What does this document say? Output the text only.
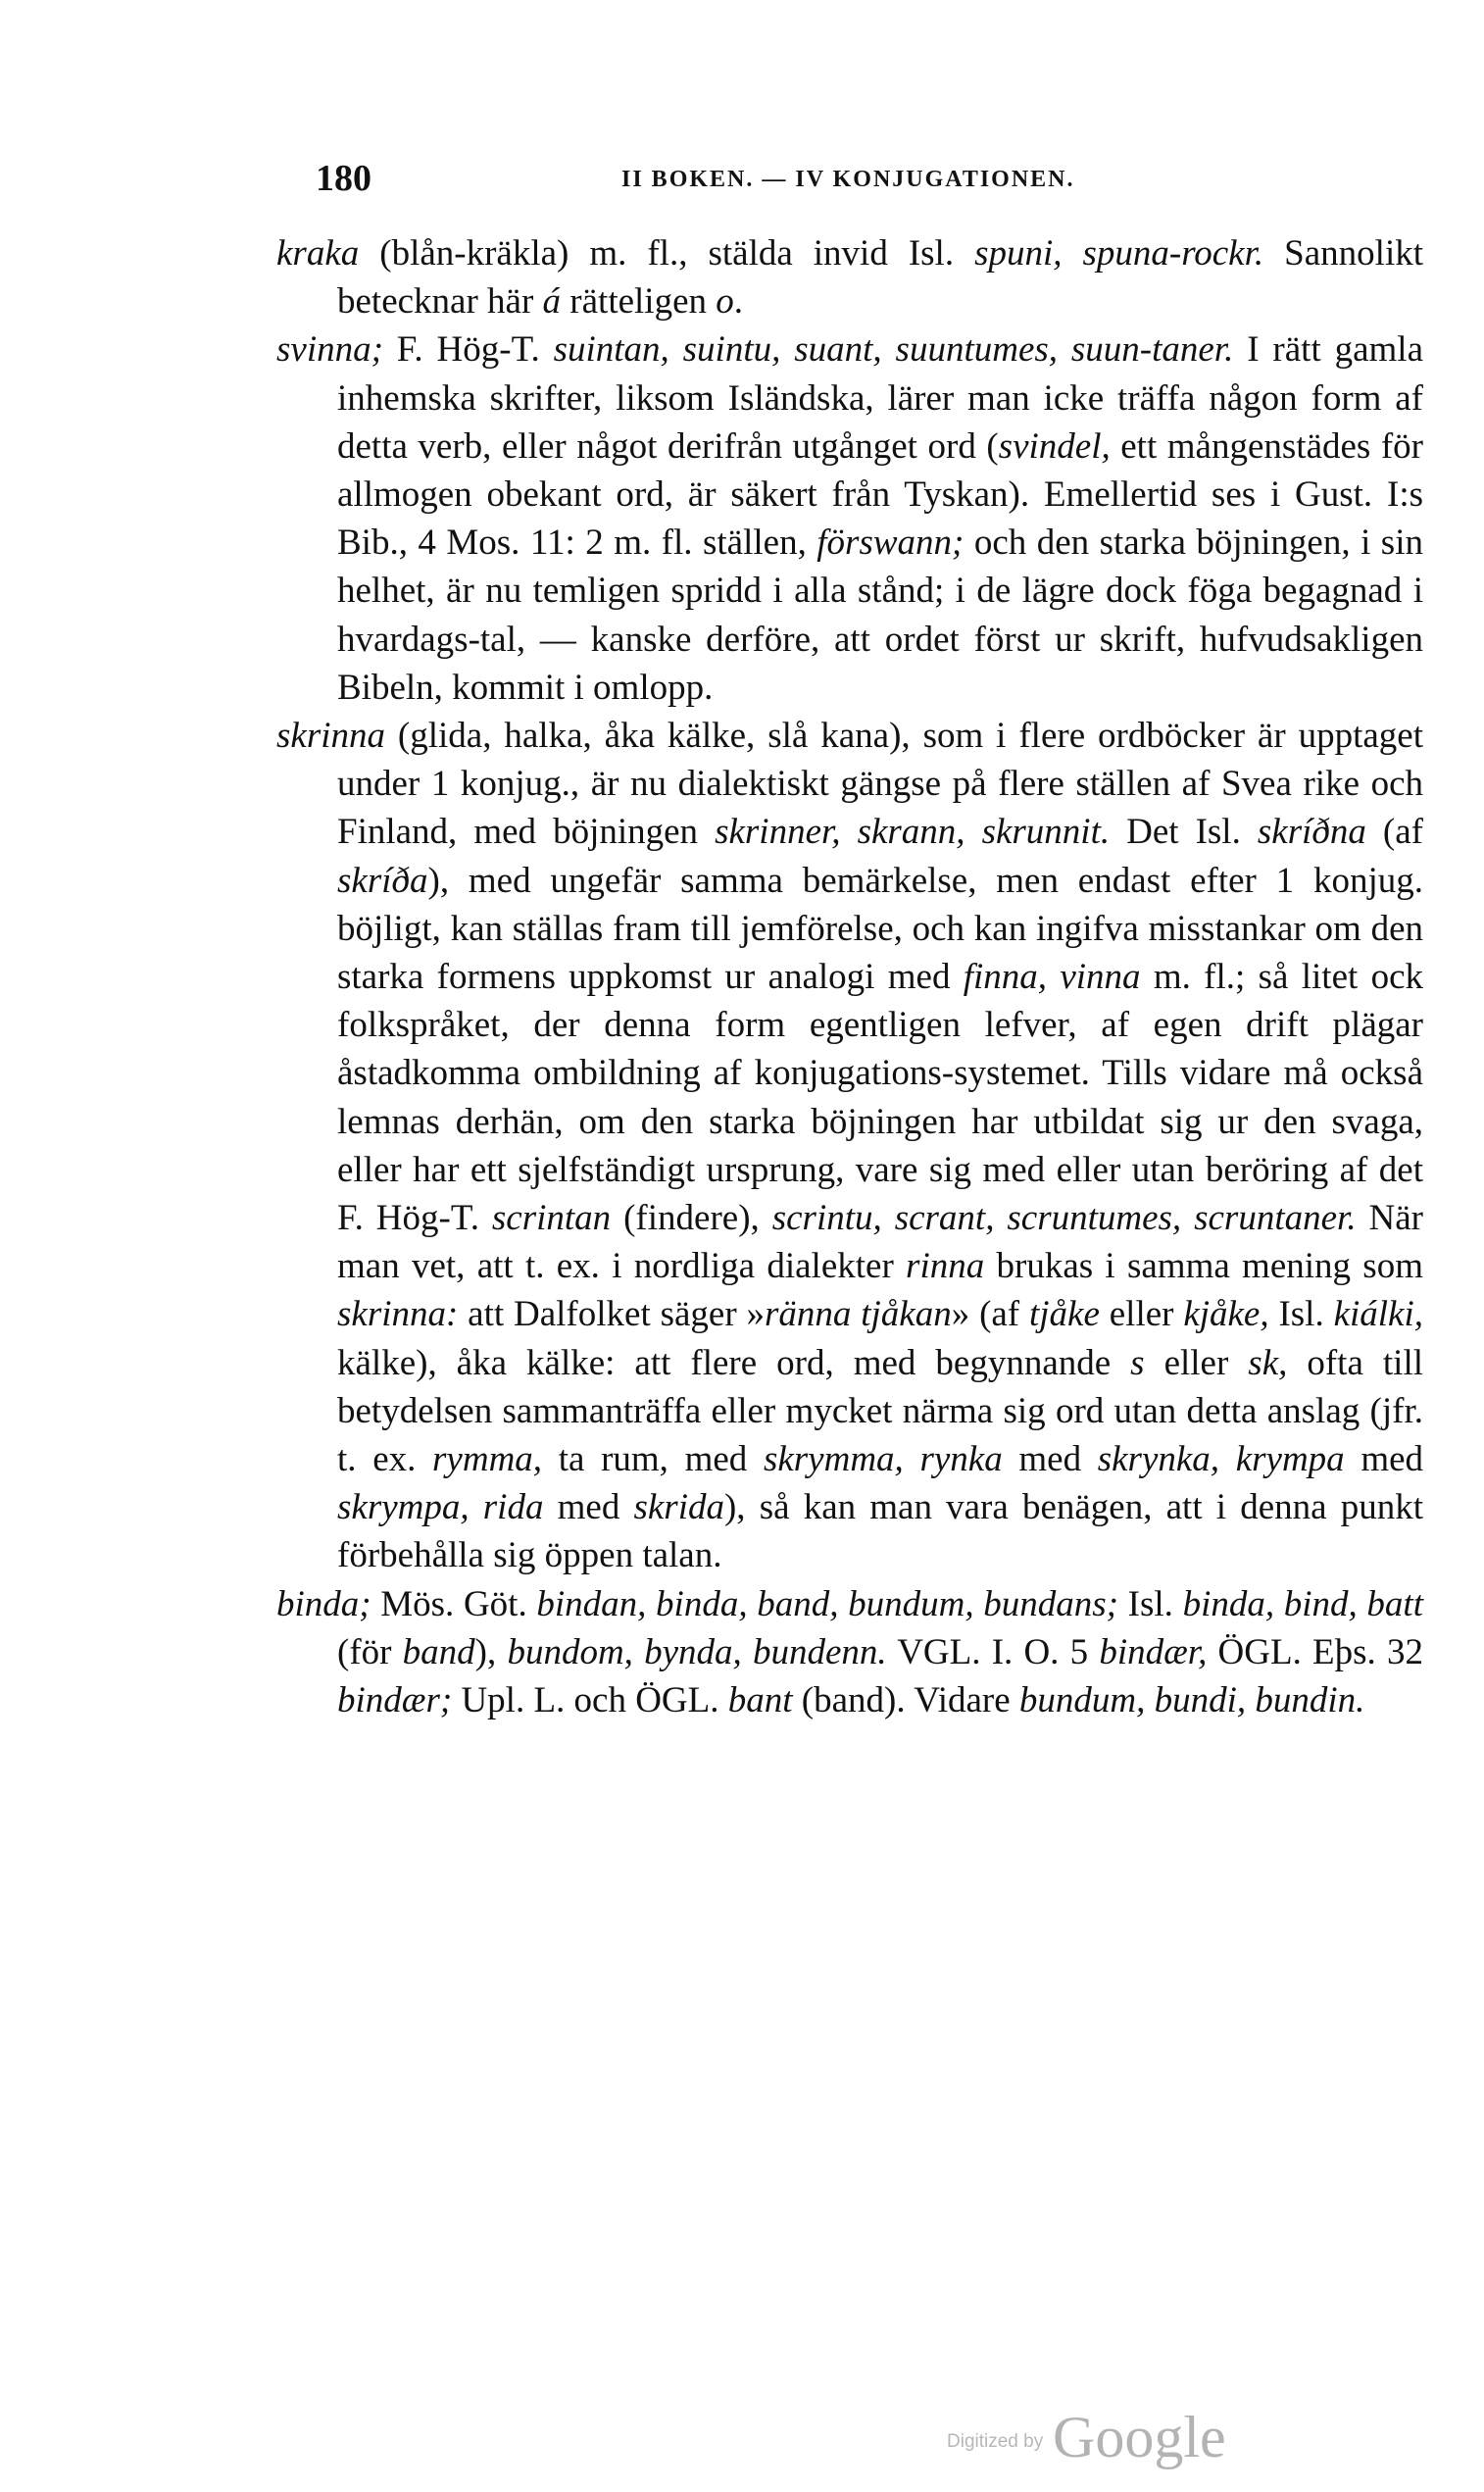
180	II BOKEN. — IV KONJUGATIONEN.

kraka (blån-kräkla) m. fl., stälda invid Isl. spuni, spuna-rockr. Sannolikt betecknar här á rätteligen o.

svinna; F. Hög-T. suintan, suintu, suant, suuntumes, suun-taner. I rätt gamla inhemska skrifter, liksom Isländska, lärer man icke träffa någon form af detta verb, eller något derifrån utgånget ord (svindel, ett mångenstädes för allmogen obekant ord, är säkert från Tyskan). Emellertid ses i Gust. I:s Bib., 4 Mos. 11: 2 m. fl. ställen, förswann; och den starka böjningen, i sin helhet, är nu temligen spridd i alla stånd; i de lägre dock föga begagnad i hvardags-tal, — kanske derföre, att ordet först ur skrift, hufvudsakligen Bibeln, kommit i omlopp.

skrinna (glida, halka, åka kälke, slå kana), som i flere ordböcker är upptaget under 1 konjug., är nu dialektiskt gängse på flere ställen af Svea rike och Finland, med böjningen skrinner, skrann, skrunnit. Det Isl. skríðna (af skríða), med ungefär samma bemärkelse, men endast efter 1 konjug. böjligt, kan ställas fram till jemförelse, och kan ingifva misstankar om den starka formens uppkomst ur analogi med finna, vinna m. fl.; så litet ock folkspråket, der denna form egentligen lefver, af egen drift plägar åstadkomma ombildning af konjugations-systemet. Tills vidare må också lemnas derhän, om den starka böjningen har utbildat sig ur den svaga, eller har ett sjelfständigt ursprung, vare sig med eller utan beröring af det F. Hög-T. scrintan (findere), scrintu, scrant, scruntumes, scruntaner. När man vet, att t. ex. i nordliga dialekter rinna brukas i samma mening som skrinna: att Dalfolket säger »ränna tjåkan» (af tjåke eller kjåke, Isl. kiálki, kälke), åka kälke: att flere ord, med begynnande s eller sk, ofta till betydelsen sammanträffa eller mycket närma sig ord utan detta anslag (jfr. t. ex. rymma, ta rum, med skrymma, rynka med skrynka, krympa med skrympa, rida med skrida), så kan man vara benägen, att i denna punkt förbehålla sig öppen talan.

binda; Mös. Göt. bindan, binda, band, bundum, bundans; Isl. binda, bind, batt (för band), bundom, bynda, bundenn. VGL. I. O. 5 bindær, ÖGL. Eþs. 32 bindær; Upl. L. och ÖGL. bant (band). Vidare bundum, bundi, bundin.

Digitized by Google
